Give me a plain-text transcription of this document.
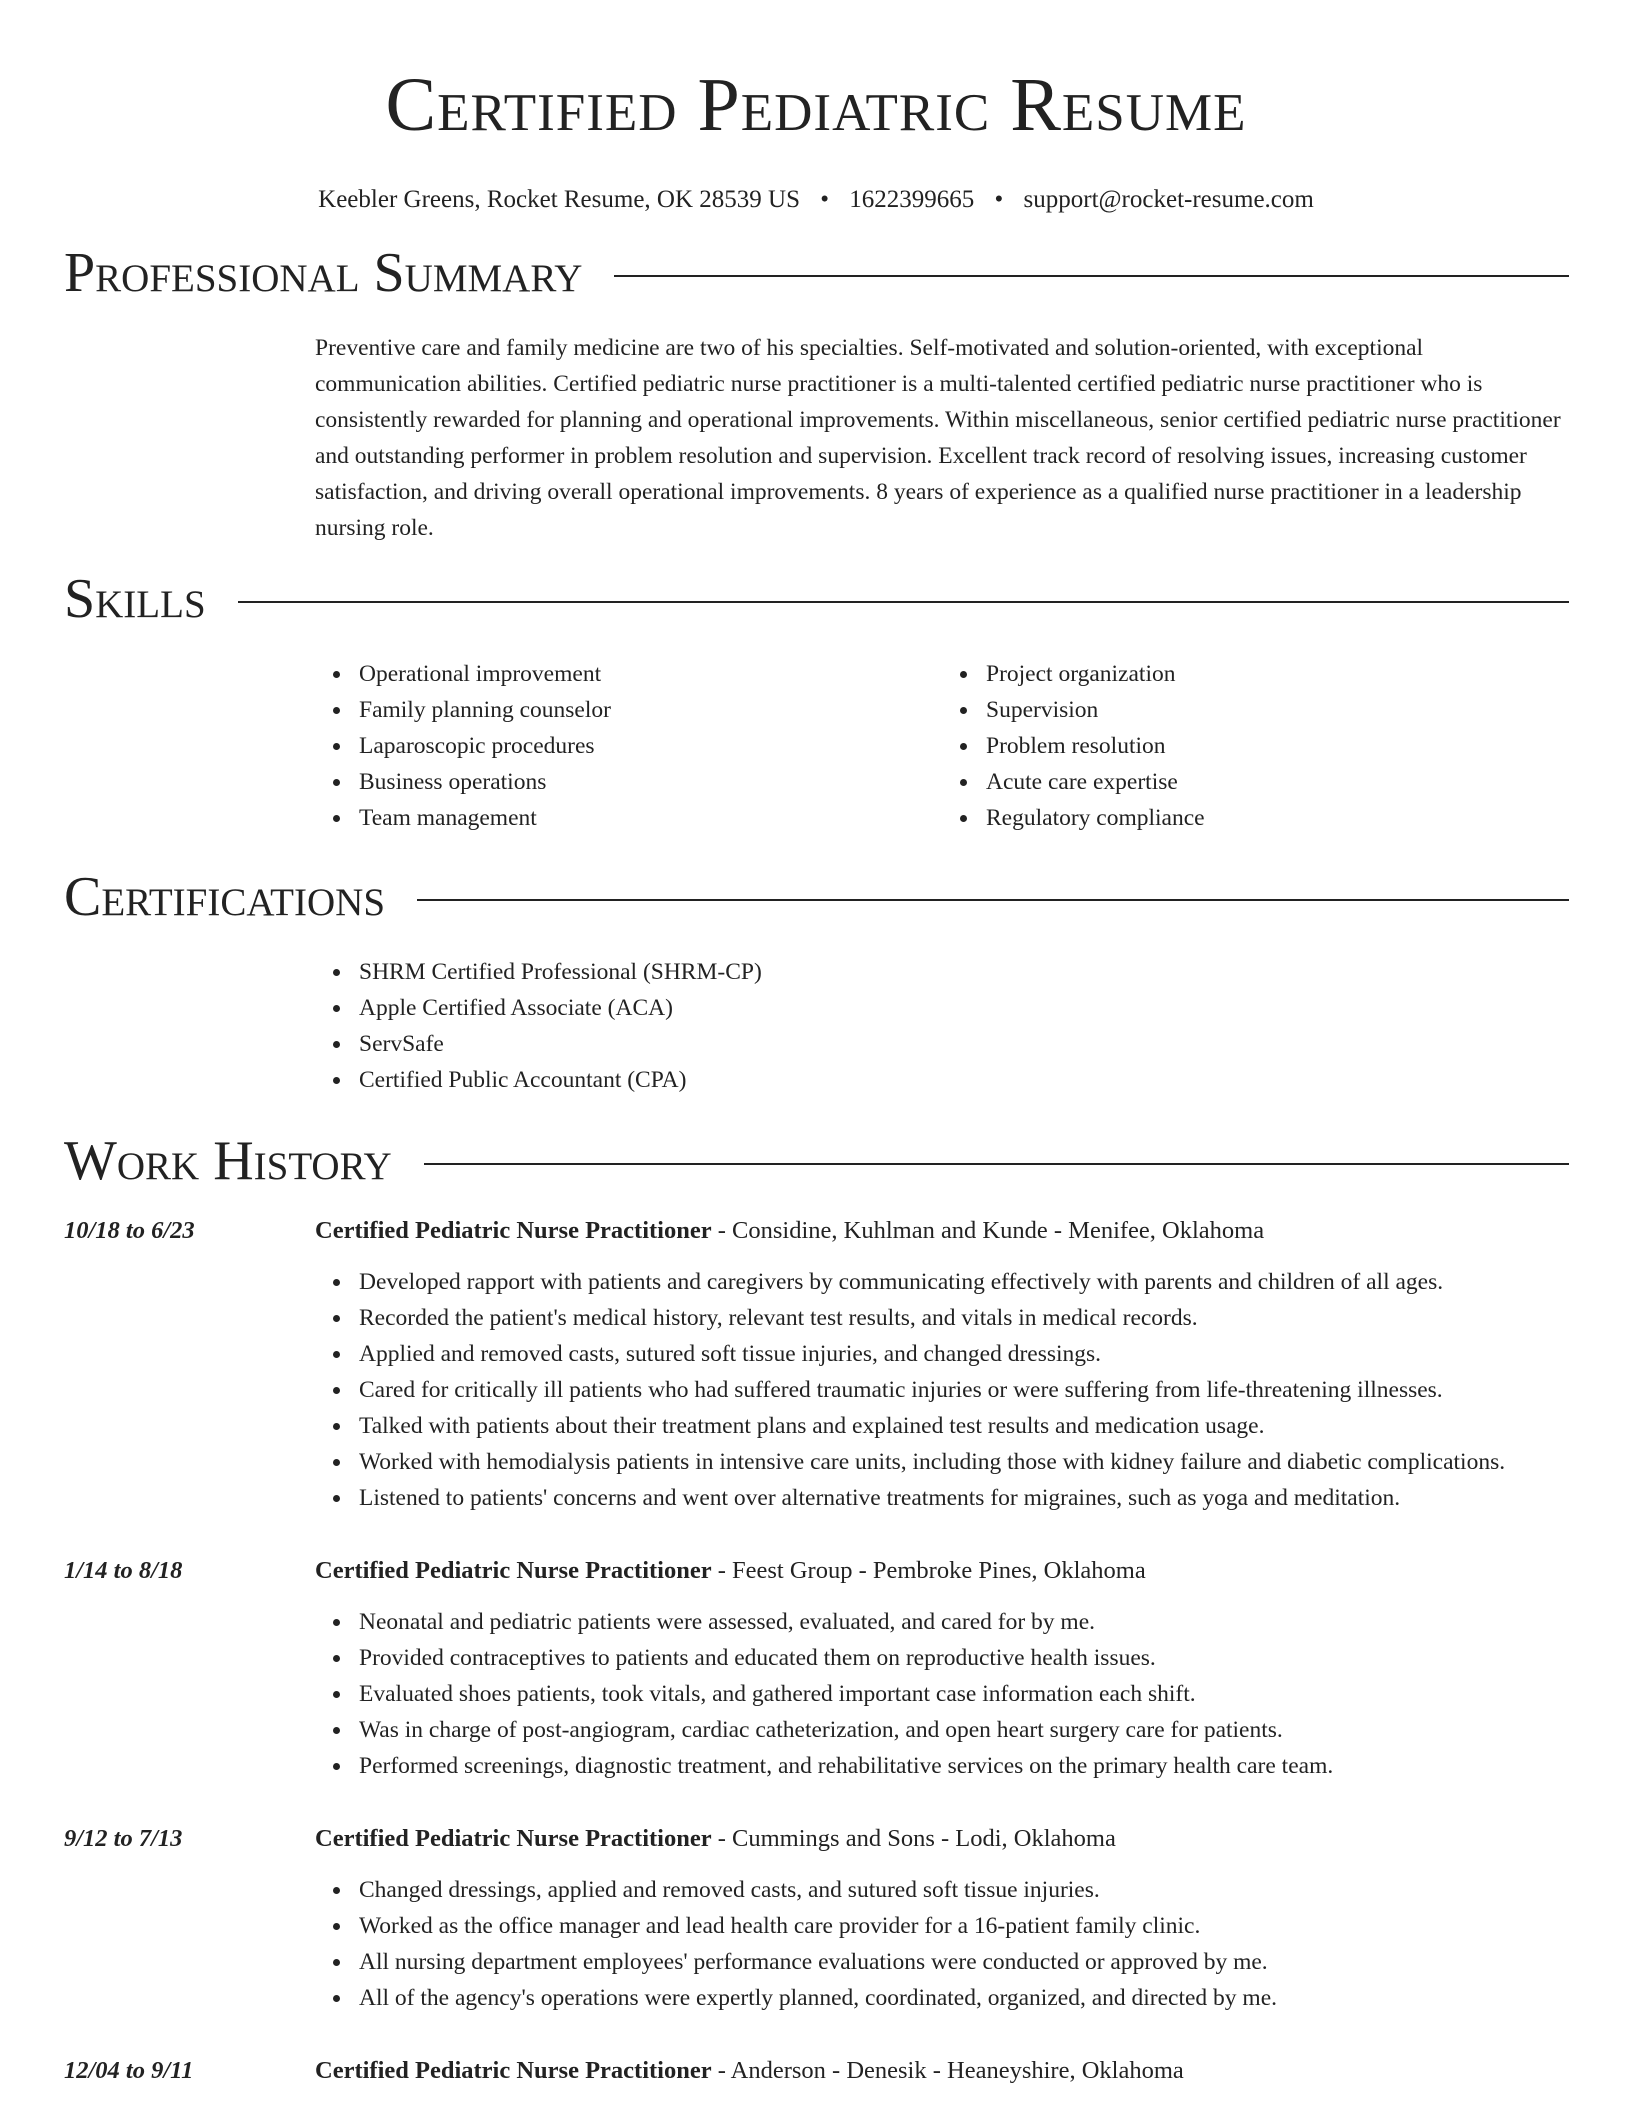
Certified Pediatric Resume
Keebler Greens, Rocket Resume, OK 28539 US • 1622399665 • support@rocket-resume.com
Professional Summary
Preventive care and family medicine are two of his specialties. Self-motivated and solution-oriented, with exceptional communication abilities. Certified pediatric nurse practitioner is a multi-talented certified pediatric nurse practitioner who is consistently rewarded for planning and operational improvements. Within miscellaneous, senior certified pediatric nurse practitioner and outstanding performer in problem resolution and supervision. Excellent track record of resolving issues, increasing customer satisfaction, and driving overall operational improvements. 8 years of experience as a qualified nurse practitioner in a leadership nursing role.
Skills
Operational improvement
Family planning counselor
Laparoscopic procedures
Business operations
Team management
Project organization
Supervision
Problem resolution
Acute care expertise
Regulatory compliance
Certifications
SHRM Certified Professional (SHRM-CP)
Apple Certified Associate (ACA)
ServSafe
Certified Public Accountant (CPA)
Work History
10/18 to 6/23	Certified Pediatric Nurse Practitioner - Considine, Kuhlman and Kunde - Menifee, Oklahoma
Developed rapport with patients and caregivers by communicating effectively with parents and children of all ages.
Recorded the patient's medical history, relevant test results, and vitals in medical records.
Applied and removed casts, sutured soft tissue injuries, and changed dressings.
Cared for critically ill patients who had suffered traumatic injuries or were suffering from life-threatening illnesses.
Talked with patients about their treatment plans and explained test results and medication usage.
Worked with hemodialysis patients in intensive care units, including those with kidney failure and diabetic complications.
Listened to patients' concerns and went over alternative treatments for migraines, such as yoga and meditation.
1/14 to 8/18	Certified Pediatric Nurse Practitioner - Feest Group - Pembroke Pines, Oklahoma
Neonatal and pediatric patients were assessed, evaluated, and cared for by me.
Provided contraceptives to patients and educated them on reproductive health issues.
Evaluated shoes patients, took vitals, and gathered important case information each shift.
Was in charge of post-angiogram, cardiac catheterization, and open heart surgery care for patients.
Performed screenings, diagnostic treatment, and rehabilitative services on the primary health care team.
9/12 to 7/13	Certified Pediatric Nurse Practitioner - Cummings and Sons - Lodi, Oklahoma
Changed dressings, applied and removed casts, and sutured soft tissue injuries.
Worked as the office manager and lead health care provider for a 16-patient family clinic.
All nursing department employees' performance evaluations were conducted or approved by me.
All of the agency's operations were expertly planned, coordinated, organized, and directed by me.
12/04 to 9/11	Certified Pediatric Nurse Practitioner - Anderson - Denesik - Heaneyshire, Oklahoma
